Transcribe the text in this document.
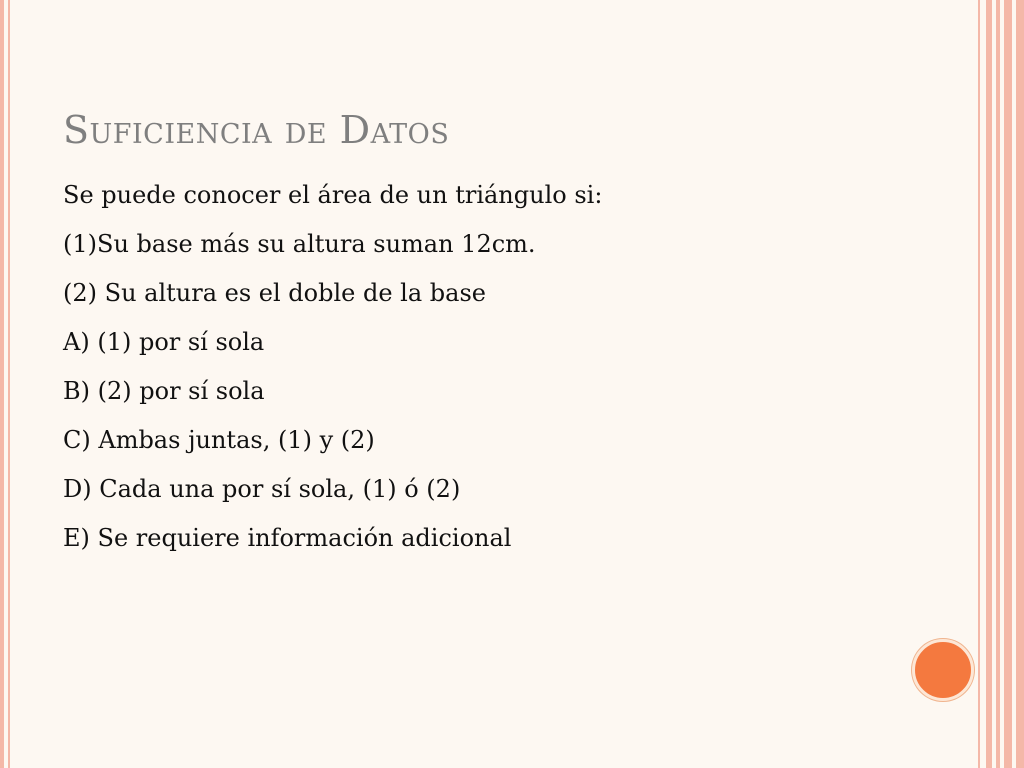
Suficiencia de Datos
Se puede conocer el área de un triángulo si:
(1)Su base más su altura suman 12cm.
(2) Su altura es el doble de la base
A) (1) por sí sola
B) (2) por sí sola
C) Ambas juntas, (1) y (2)
D) Cada una por sí sola, (1) ó (2)
E) Se requiere información adicional
